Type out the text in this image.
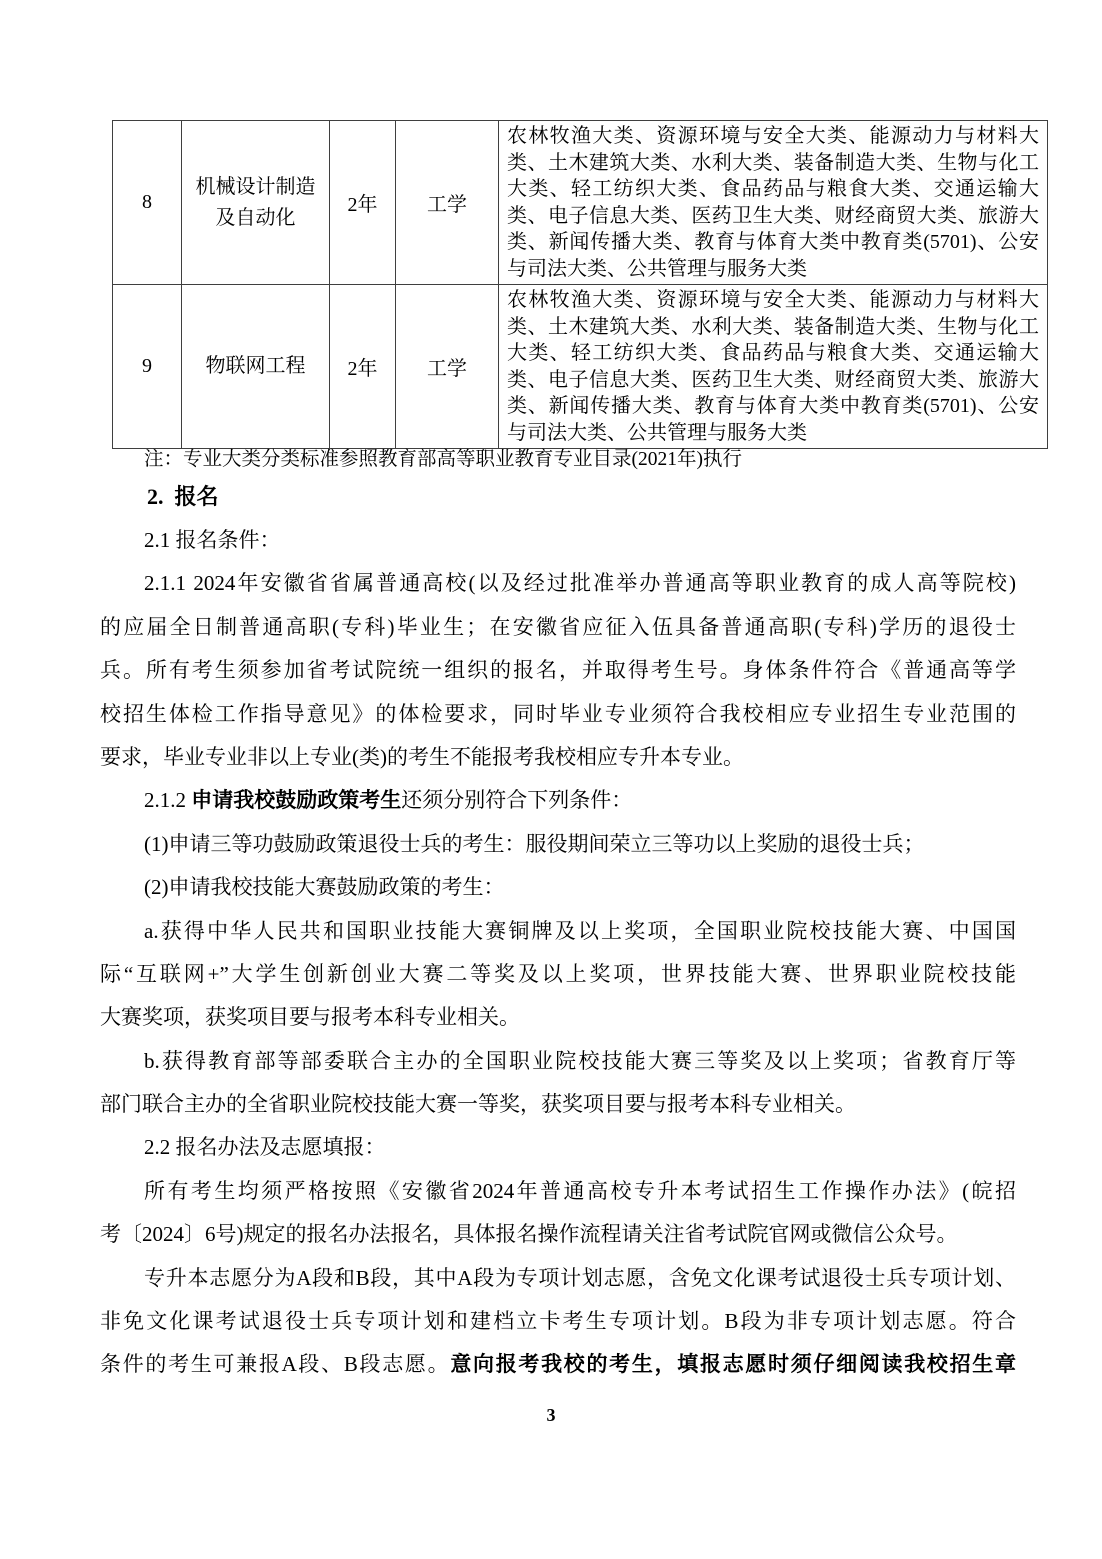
8	机械设计制造及自动化	2年	工学	农林牧渔大类、资源环境与安全大类、能源动力与材料大类、土木建筑大类、水利大类、装备制造大类、生物与化工大类、轻工纺织大类、食品药品与粮食大类、交通运输大类、电子信息大类、医药卫生大类、财经商贸大类、旅游大类、新闻传播大类、教育与体育大类中教育类(5701)、公安与司法大类、公共管理与服务大类
9	物联网工程	2年	工学	农林牧渔大类、资源环境与安全大类、能源动力与材料大类、土木建筑大类、水利大类、装备制造大类、生物与化工大类、轻工纺织大类、食品药品与粮食大类、交通运输大类、电子信息大类、医药卫生大类、财经商贸大类、旅游大类、新闻传播大类、教育与体育大类中教育类(5701)、公安与司法大类、公共管理与服务大类
注：专业大类分类标准参照教育部高等职业教育专业目录(2021年)执行
2.  报名
2.1 报名条件：
2.1.1 2024年安徽省省属普通高校(以及经过批准举办普通高等职业教育的成人高等院校)
的应届全日制普通高职(专科)毕业生；在安徽省应征入伍具备普通高职(专科)学历的退役士
兵。所有考生须参加省考试院统一组织的报名，并取得考生号。身体条件符合《普通高等学
校招生体检工作指导意见》的体检要求，同时毕业专业须符合我校相应专业招生专业范围的
要求，毕业专业非以上专业(类)的考生不能报考我校相应专升本专业。
2.1.2 申请我校鼓励政策考生还须分别符合下列条件：
(1)申请三等功鼓励政策退役士兵的考生：服役期间荣立三等功以上奖励的退役士兵；
(2)申请我校技能大赛鼓励政策的考生：
a.获得中华人民共和国职业技能大赛铜牌及以上奖项，全国职业院校技能大赛、中国国
际“互联网+”大学生创新创业大赛二等奖及以上奖项，世界技能大赛、世界职业院校技能
大赛奖项，获奖项目要与报考本科专业相关。
b.获得教育部等部委联合主办的全国职业院校技能大赛三等奖及以上奖项；省教育厅等
部门联合主办的全省职业院校技能大赛一等奖，获奖项目要与报考本科专业相关。
2.2 报名办法及志愿填报：
所有考生均须严格按照《安徽省2024年普通高校专升本考试招生工作操作办法》(皖招
考〔2024〕6号)规定的报名办法报名，具体报名操作流程请关注省考试院官网或微信公众号。
专升本志愿分为A段和B段，其中A段为专项计划志愿，含免文化课考试退役士兵专项计划、
非免文化课考试退役士兵专项计划和建档立卡考生专项计划。B段为非专项计划志愿。符合
条件的考生可兼报A段、B段志愿。意向报考我校的考生，填报志愿时须仔细阅读我校招生章
3
